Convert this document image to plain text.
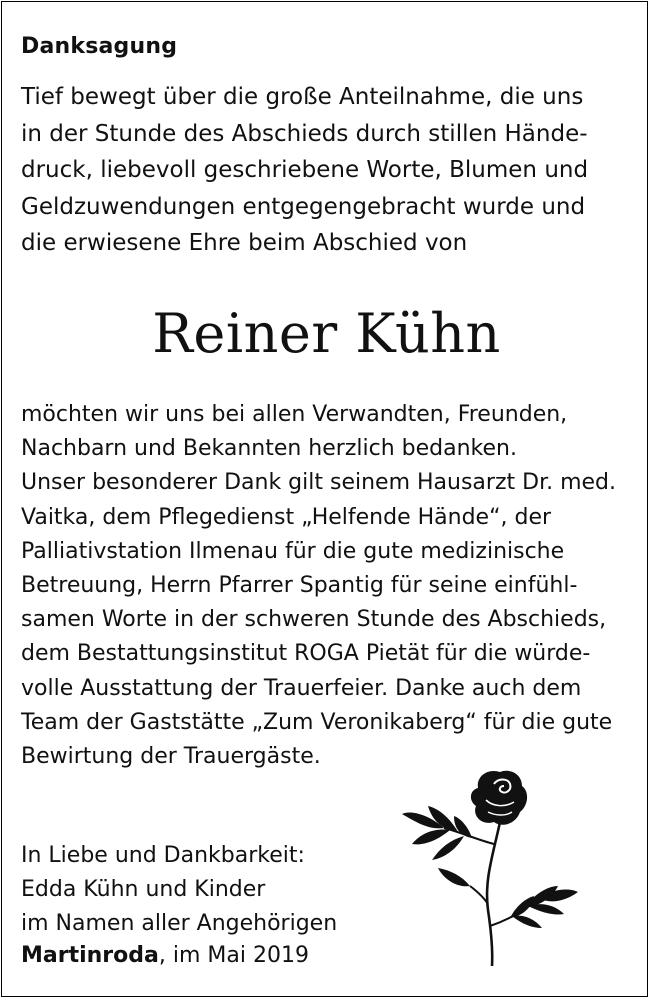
Danksagung
Tief bewegt über die große Anteilnahme, die uns
in der Stunde des Abschieds durch stillen Hände-
druck, liebevoll geschriebene Worte, Blumen und
Geldzuwendungen entgegengebracht wurde und
die erwiesene Ehre beim Abschied von
Reiner Kühn
möchten wir uns bei allen Verwandten, Freunden,
Nachbarn und Bekannten herzlich bedanken.
Unser besonderer Dank gilt seinem Hausarzt Dr. med.
Vaitka, dem Pflegedienst „Helfende Hände“, der
Palliativstation Ilmenau für die gute medizinische
Betreuung, Herrn Pfarrer Spantig für seine einfühl-
samen Worte in der schweren Stunde des Abschieds,
dem Bestattungsinstitut ROGA Pietät für die würde-
volle Ausstattung der Trauerfeier. Danke auch dem
Team der Gaststätte „Zum Veronikaberg“ für die gute
Bewirtung der Trauergäste.
In Liebe und Dankbarkeit:
Edda Kühn und Kinder
im Namen aller Angehörigen
Martinroda, im Mai 2019
